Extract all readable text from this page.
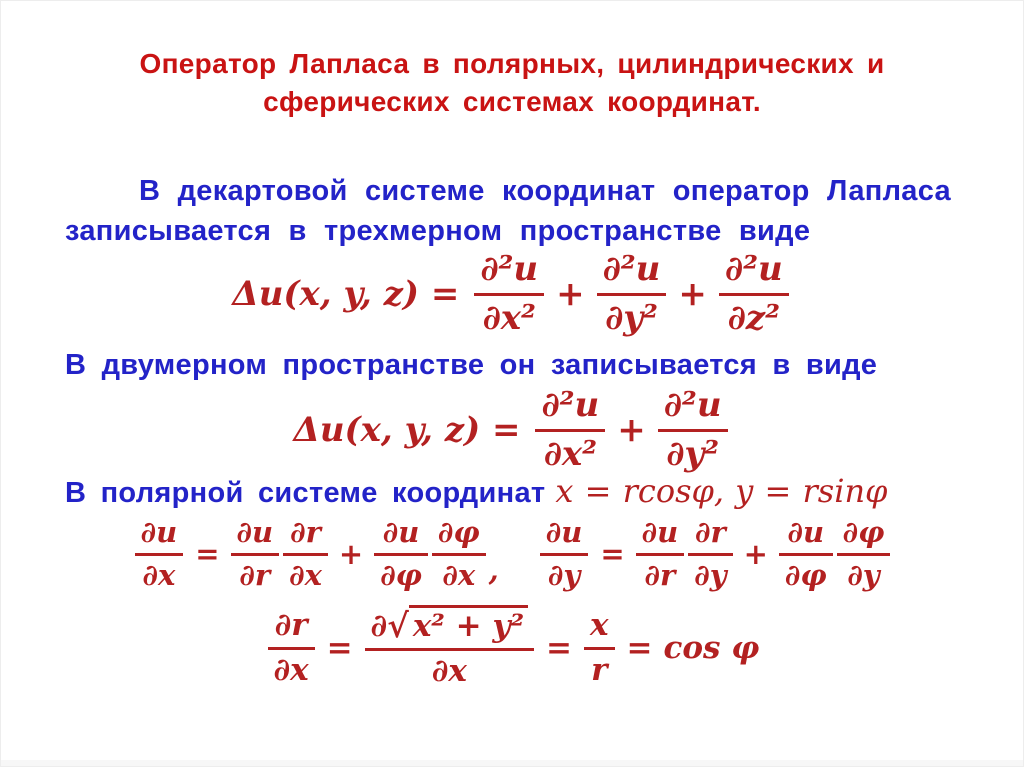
Оператор Лапласа в полярных, цилиндрических и
сферических системах координат.
В декартовой системе координат оператор Лапласа
записывается в трехмерном пространстве виде
Δu(x, y, $z) = \frac{\text{∂²u}}{\text{∂x²}} + \frac{\text{∂²u}}{\text{∂y²}} + \frac{\text{∂²u}}{\text{∂z²}}$
В двумерном пространстве он записывается в виде
Δu(x, y, $z) = \frac{\text{∂²u}}{\text{∂x²}} + \frac{\text{∂²u}}{\text{∂y²}}$
В полярной системе координат x = rcosφ, y = rsinφ
$\frac{\partial u}{\partial x} = \frac{\partial u}{\partial r} \frac{\partial r}{\partial x} + \frac{\partial u}{\partial\varphi} \frac{\partial\varphi}{\partial x}$ , $\frac{\partial u}{\partial y} = \frac{\partial u}{\partial r} \frac{\partial r}{\partial y} + \frac{\partial u}{\partial\varphi} \frac{\partial\varphi}{\partial y}$
$\frac{\partial r}{\partial x} = \frac{\text{∂√ x² + y²}}{\partial x} = \frac{x}{r} = \cos \varphi$
